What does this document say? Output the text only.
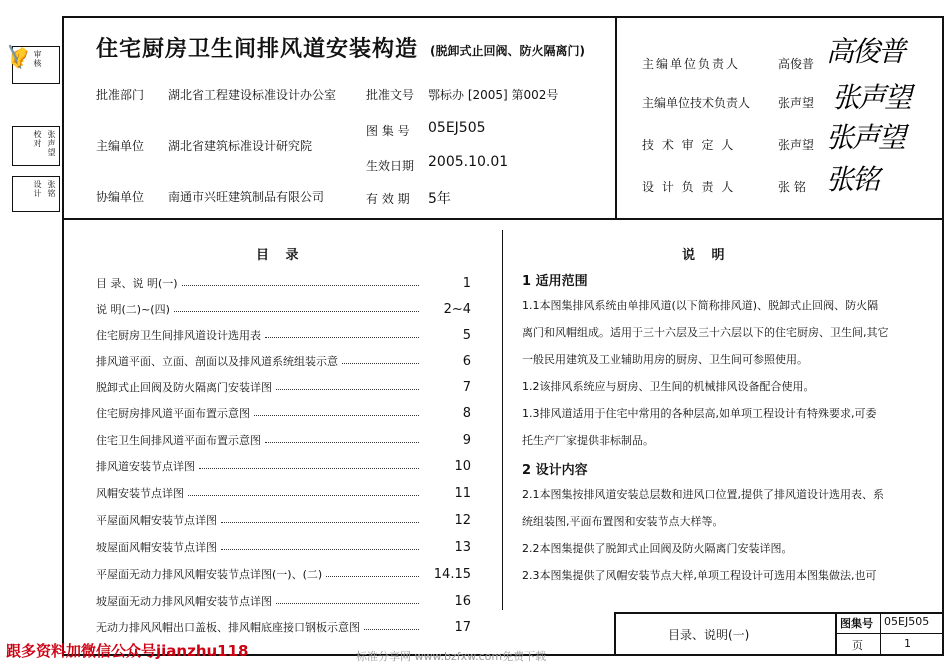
审核
校对
设计
张声望
张铭
✍	住宅厨房卫生间排风道安装构造 (脱卸式止回阀、防火隔离门)
批准部门 湖北省工程建设标准设计办公室 批准文号 鄂标办 [2005] 第002号
主编单位 湖北省建筑标准设计研究院
图 集 号 05EJ505
生效日期 2005.10.01
协编单位 南通市兴旺建筑制品有限公司	有 效 期 5年
主编单位负责人	高俊普 高俊普
主编单位技术负责人 张声望 张声望
技 术 审 定 人	张声望 张声望
设 计 负 责 人	张 铭 张铭
目 录
目 录、说 明(一)	1
说 明(二)~(四)	2~4
住宅厨房卫生间排风道设计选用表	5
排风道平面、立面、剖面以及排风道系统组装示意	6
脱卸式止回阀及防火隔离门安装详图	7
住宅厨房排风道平面布置示意图	8
住宅卫生间排风道平面布置示意图	9
排风道安装节点详图	10
风帽安装节点详图	11
平屋面风帽安装节点详图	12
坡屋面风帽安装节点详图	13
平屋面无动力排风风帽安装节点详图(一)、(二)	14.15
坡屋面无动力排风风帽安装节点详图	16
无动力排风风帽出口盖板、排风帽底座接口钢板示意图	17
说 明
1 适用范围
1.1本图集排风系统由单排风道(以下简称排风道)、脱卸式止回阀、防火隔
离门和风帽组成。适用于三十六层及三十六层以下的住宅厨房、卫生间,其它
一般民用建筑及工业辅助用房的厨房、卫生间可参照使用。
1.2该排风系统应与厨房、卫生间的机械排风设备配合使用。
1.3排风道适用于住宅中常用的各种层高,如单项工程设计有特殊要求,可委
托生产厂家提供非标制品。
2 设计内容
2.1本图集按排风道安装总层数和进风口位置,提供了排风道设计选用表、系
统组装图,平面布置图和安装节点大样等。
2.2本图集提供了脱卸式止回阀及防火隔离门安装详图。
2.3本图集提供了风帽安装节点大样,单项工程设计可选用本图集做法,也可
目录、说明(一)
图集号 05EJ505
页	1
跟多资料加微信公众号jianzhu118	标准分享网 www.bzfxw.com免费下载
